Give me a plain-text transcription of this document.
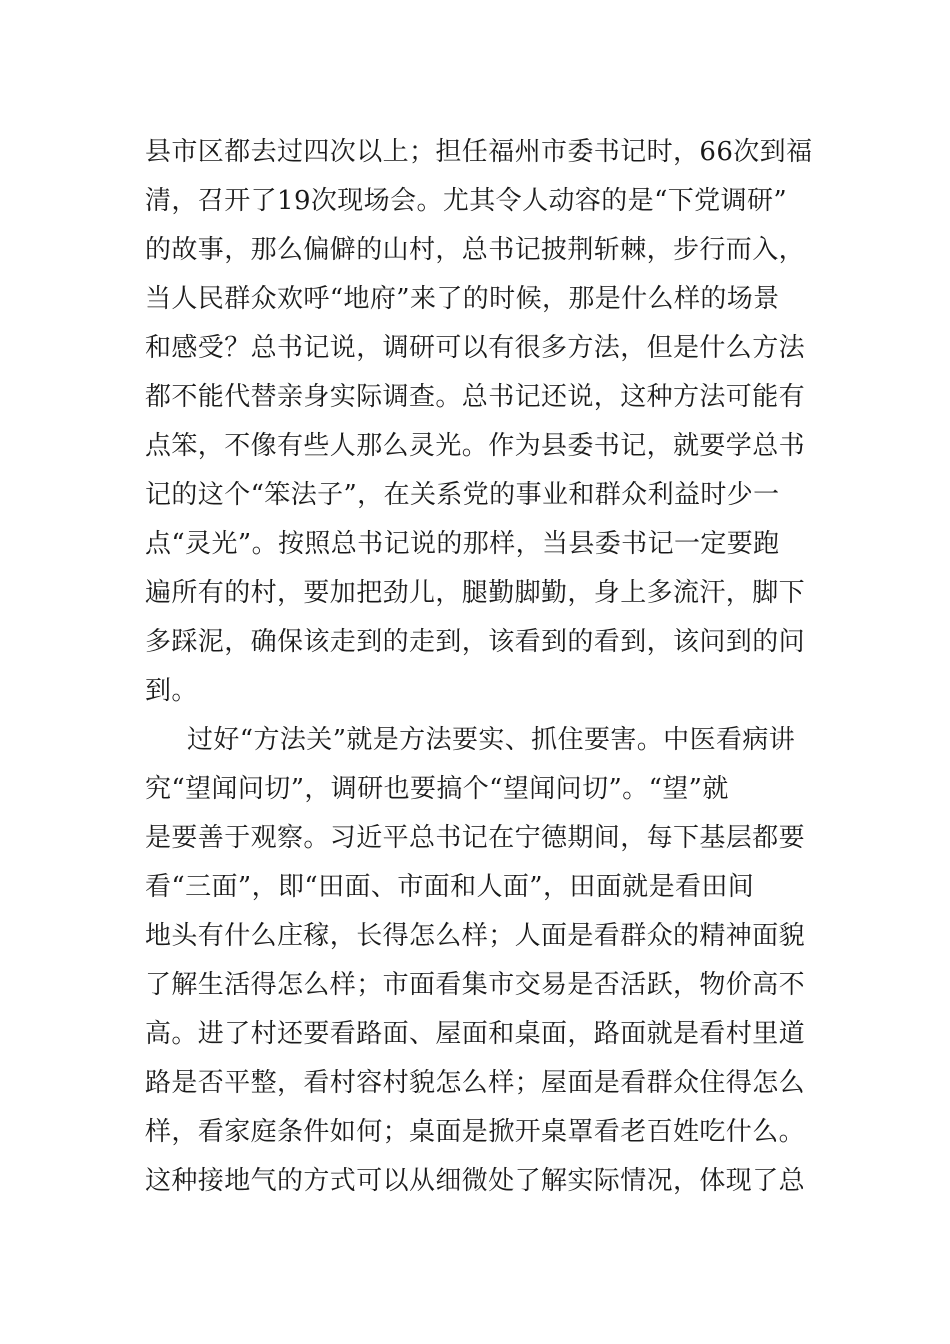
县市区都去过四次以上；担任福州市委书记时，66次到福
清，召开了19次现场会。尤其令人动容的是“下党调研”
的故事，那么偏僻的山村，总书记披荆斩棘，步行而入，
当人民群众欢呼“地府”来了的时候，那是什么样的场景
和感受？总书记说，调研可以有很多方法，但是什么方法
都不能代替亲身实际调查。总书记还说，这种方法可能有
点笨，不像有些人那么灵光。作为县委书记，就要学总书
记的这个“笨法子”，在关系党的事业和群众利益时少一
点“灵光”。按照总书记说的那样，当县委书记一定要跑
遍所有的村，要加把劲儿，腿勤脚勤，身上多流汗，脚下
多踩泥，确保该走到的走到，该看到的看到，该问到的问
到。
过好“方法关”就是方法要实、抓住要害。中医看病讲
究“望闻问切”，调研也要搞个“望闻问切”。“望”就
是要善于观察。习近平总书记在宁德期间，每下基层都要
看“三面”，即“田面、市面和人面”，田面就是看田间
地头有什么庄稼，长得怎么样；人面是看群众的精神面貌
了解生活得怎么样；市面看集市交易是否活跃，物价高不
高。进了村还要看路面、屋面和桌面，路面就是看村里道
路是否平整，看村容村貌怎么样；屋面是看群众住得怎么
样，看家庭条件如何；桌面是掀开桌罩看老百姓吃什么。
这种接地气的方式可以从细微处了解实际情况，体现了总
